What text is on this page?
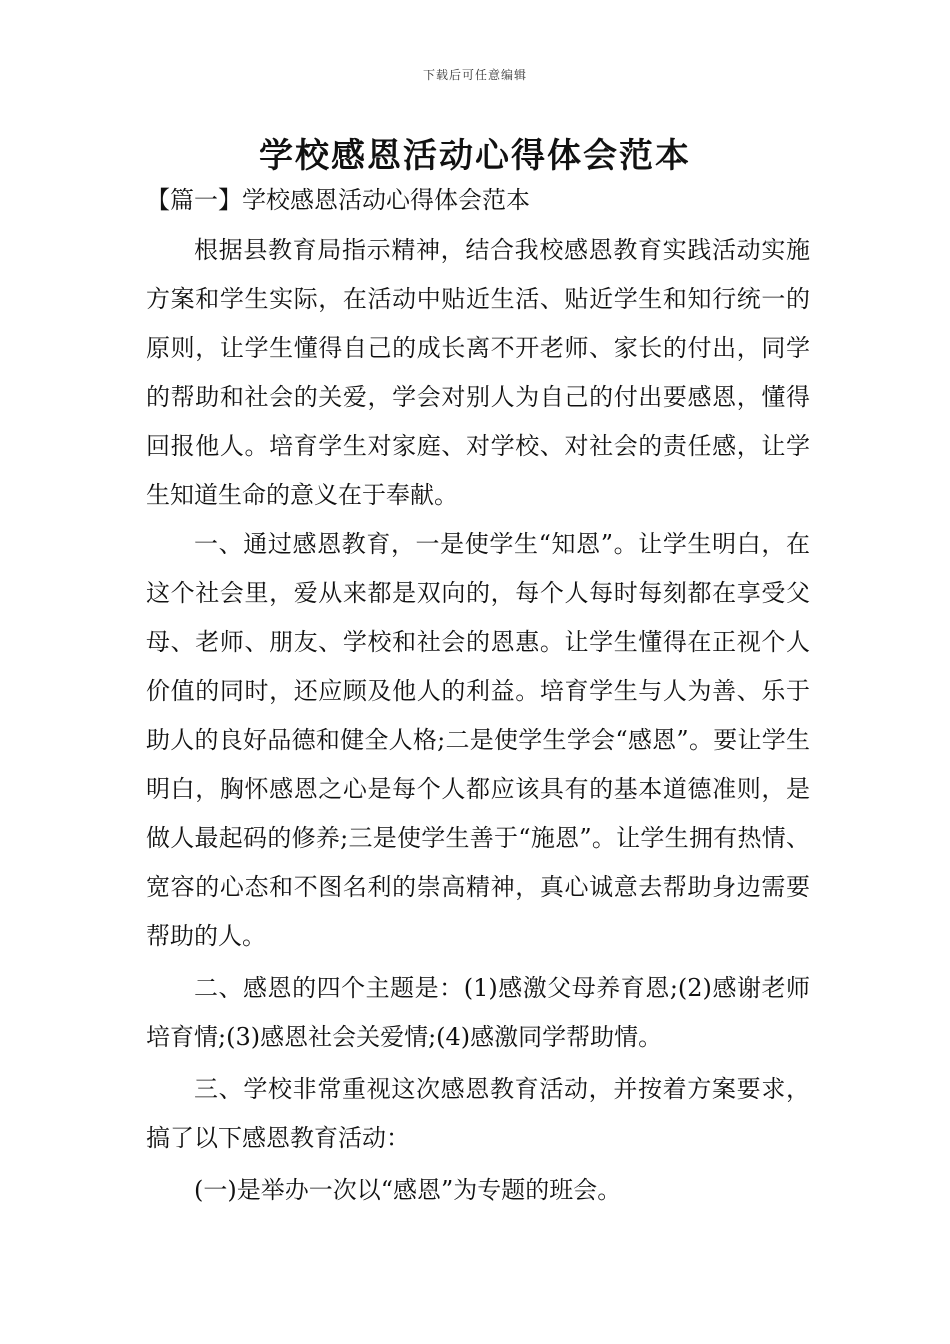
下载后可任意编辑
学校感恩活动心得体会范本
【篇一】学校感恩活动心得体会范本

根据县教育局指示精神，结合我校感恩教育实践活动实施方案和学生实际，在活动中贴近生活、贴近学生和知行统一的原则，让学生懂得自己的成长离不开老师、家长的付出，同学的帮助和社会的关爱，学会对别人为自己的付出要感恩，懂得回报他人。培育学生对家庭、对学校、对社会的责任感，让学生知道生命的意义在于奉献。

一、通过感恩教育，一是使学生“知恩”。让学生明白，在这个社会里，爱从来都是双向的，每个人每时每刻都在享受父母、老师、朋友、学校和社会的恩惠。让学生懂得在正视个人价值的同时，还应顾及他人的利益。培育学生与人为善、乐于助人的良好品德和健全人格;二是使学生学会“感恩”。要让学生明白，胸怀感恩之心是每个人都应该具有的基本道德准则，是做人最起码的修养;三是使学生善于“施恩”。让学生拥有热情、宽容的心态和不图名利的崇高精神，真心诚意去帮助身边需要帮助的人。

二、感恩的四个主题是：(1)感激父母养育恩;(2)感谢老师培育情;(3)感恩社会关爱情;(4)感激同学帮助情。

三、学校非常重视这次感恩教育活动，并按着方案要求，搞了以下感恩教育活动：

(一)是举办一次以“感恩”为专题的班会。
